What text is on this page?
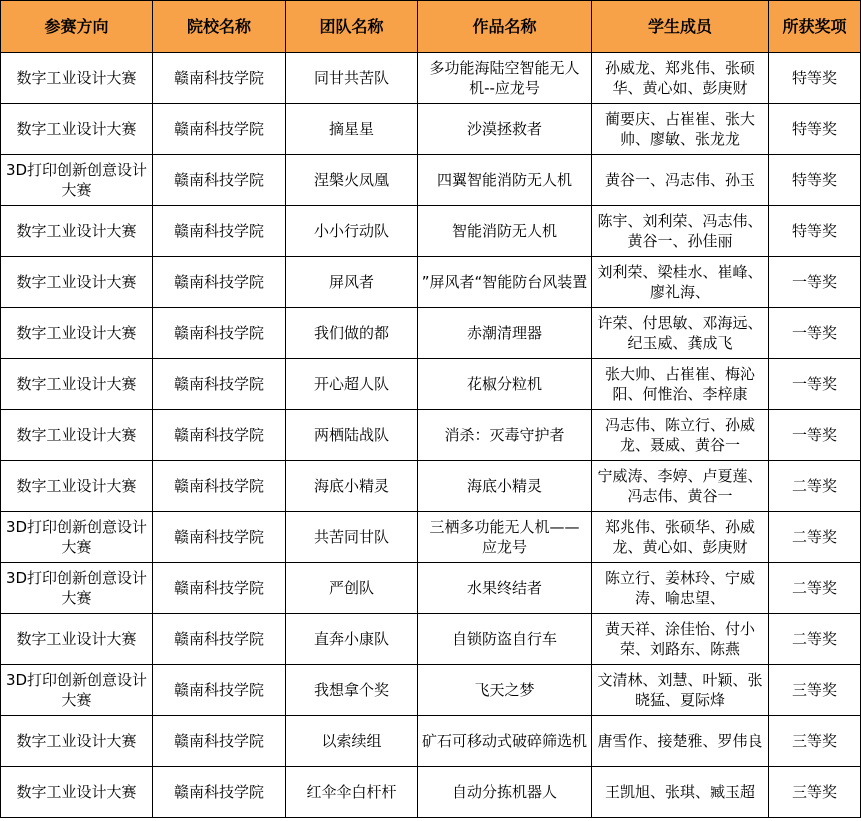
参赛方向	院校名称	团队名称	作品名称	学生成员	所获奖项
数字工业设计大赛	赣南科技学院	同甘共苦队	多功能海陆空智能无人机--应龙号	孙威龙、郑兆伟、张硕华、黄心如、彭庚财	特等奖
数字工业设计大赛	赣南科技学院	摘星星	沙漠拯救者	蔺要庆、占崔崔、张大帅、廖敏、张龙龙	特等奖
3D打印创新创意设计大赛	赣南科技学院	涅槃火凤凰	四翼智能消防无人机	黄谷一、冯志伟、孙玉	特等奖
数字工业设计大赛	赣南科技学院	小小行动队	智能消防无人机	陈宇、刘利荣、冯志伟、黄谷一、孙佳丽	特等奖
数字工业设计大赛	赣南科技学院	屏风者	”屏风者“智能防台风装置	刘利荣、梁桂水、崔峰、廖礼海、	一等奖
数字工业设计大赛	赣南科技学院	我们做的都	赤潮清理器	许荣、付思敏、邓海远、纪玉威、龚成飞	一等奖
数字工业设计大赛	赣南科技学院	开心超人队	花椒分粒机	张大帅、占崔崔、梅沁阳、何惟治、李梓康	一等奖
数字工业设计大赛	赣南科技学院	两栖陆战队	消杀：灭毒守护者	冯志伟、陈立行、孙威龙、聂威、黄谷一	一等奖
数字工业设计大赛	赣南科技学院	海底小精灵	海底小精灵	宁威涛、李婷、卢夏莲、冯志伟、黄谷一	二等奖
3D打印创新创意设计大赛	赣南科技学院	共苦同甘队	三栖多功能无人机—— 应龙号	郑兆伟、张硕华、孙威龙、黄心如、彭庚财	二等奖
3D打印创新创意设计大赛	赣南科技学院	严创队	水果终结者	陈立行、姜林玲、宁威涛、喻忠望、	二等奖
数字工业设计大赛	赣南科技学院	直奔小康队	自锁防盗自行车	黄天祥、涂佳怡、付小荣、刘路东、陈燕	二等奖
3D打印创新创意设计大赛	赣南科技学院	我想拿个奖	飞天之梦	文清林、刘慧、叶颖、张晓猛、夏际烽	三等奖
数字工业设计大赛	赣南科技学院	以索续组	矿石可移动式破碎筛选机	唐雪作、接楚雅、罗伟良	三等奖
数字工业设计大赛	赣南科技学院	红伞伞白杆杆	自动分拣机器人	王凯旭、张琪、臧玉超	三等奖
